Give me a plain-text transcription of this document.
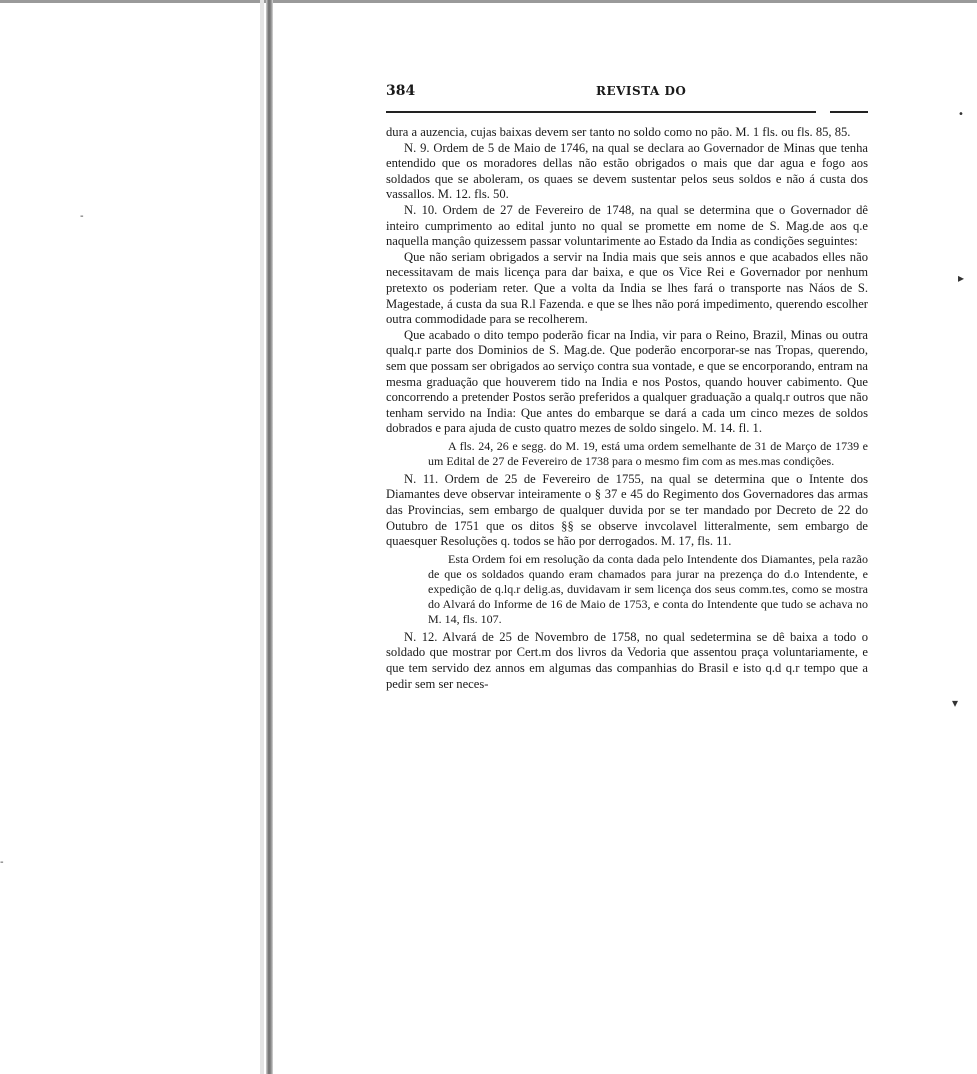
-
•
▸
▾
‐
384	REVISTA DO

dura a auzencia, cujas baixas devem ser tanto no soldo como no pão. M. 1 fls. ou fls. 85, 85.

N. 9. Ordem de 5 de Maio de 1746, na qual se declara ao Governador de Minas que tenha entendido que os moradores dellas não estão obrigados o mais que dar agua e fogo aos soldados que se aboleram, os quaes se devem sustentar pelos seus soldos e não á custa dos vassallos. M. 12. fls. 50.

N. 10. Ordem de 27 de Fevereiro de 1748, na qual se determina que o Governador dê inteiro cumprimento ao edital junto no qual se promette em nome de S. Mag.de aos q.e naquella mançâo quizessem passar voluntarimente ao Estado da India as condições seguintes:

Que não seriam obrigados a servir na India mais que seis annos e que acabados elles não necessitavam de mais licença para dar baixa, e que os Vice Rei e Governador por nenhum pretexto os poderiam reter. Que a volta da India se lhes fará o transporte nas Náos de S. Magestade, á custa da sua R.l Fazenda. e que se lhes não porá impedimento, querendo escolher outra commodidade para se recolherem.

Que acabado o dito tempo poderão ficar na India, vir para o Reino, Brazil, Minas ou outra qualq.r parte dos Dominios de S. Mag.de. Que poderão encorporar-se nas Tropas, querendo, sem que possam ser obrigados ao serviço contra sua vontade, e que se encorporando, entram na mesma graduação que houverem tido na India e nos Postos, quando houver cabimento. Que concorrendo a pretender Postos serão preferidos a qualquer graduação a qualq.r outros que não tenham servido na India: Que antes do embarque se dará a cada um cinco mezes de soldos dobrados e para ajuda de custo quatro mezes de soldo singelo. M. 14. fl. 1.

A fls. 24, 26 e segg. do M. 19, está uma ordem semelhante de 31 de Março de 1739 e um Edital de 27 de Fevereiro de 1738 para o mesmo fim com as mes.mas condições.

N. 11. Ordem de 25 de Fevereiro de 1755, na qual se determina que o Intente dos Diamantes deve observar inteiramente o § 37 e 45 do Regimento dos Governadores das armas das Provincias, sem embargo de qualquer duvida por se ter mandado por Decreto de 22 do Outubro de 1751 que os ditos §§ se observe invcolavel litteralmente, sem embargo de quaesquer Resoluções q. todos se hão por derrogados. M. 17, fls. 11.

Esta Ordem foi em resolução da conta dada pelo Intendente dos Diamantes, pela razão de que os soldados quando eram chamados para jurar na prezença do d.o Intendente, e expedição de q.lq.r delig.as, duvidavam ir sem licença dos seus comm.tes, como se mostra do Alvará do Informe de 16 de Maio de 1753, e conta do Intendente que tudo se achava no M. 14, fls. 107.

N. 12. Alvará de 25 de Novembro de 1758, no qual sedetermina se dê baixa a todo o soldado que mostrar por Cert.m dos livros da Vedoria que assentou praça voluntariamente, e que tem servido dez annos em algumas das companhias do Brasil e isto q.d q.r tempo que a pedir sem ser neces-
